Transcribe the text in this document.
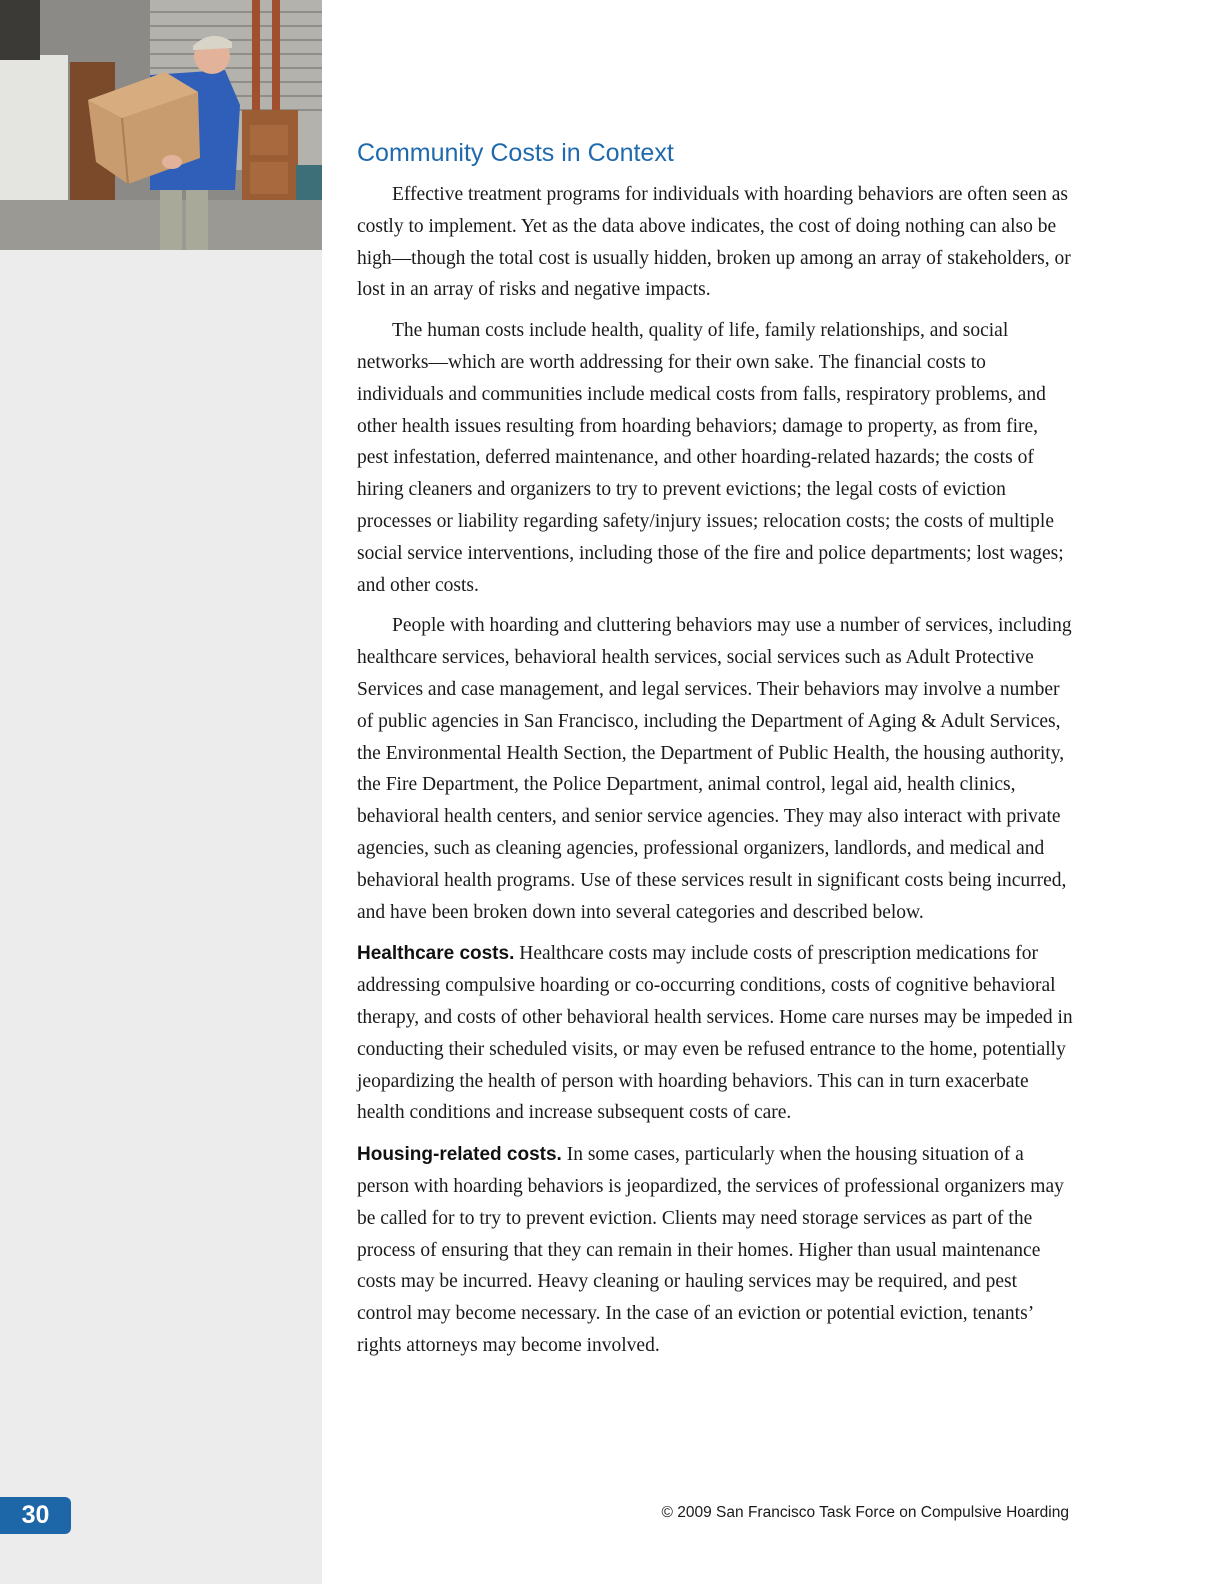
30
Community Costs in Context

Effective treatment programs for individuals with hoarding behaviors are often seen as costly to implement. Yet as the data above indicates, the cost of doing nothing can also be high—though the total cost is usually hidden, broken up among an array of stakeholders, or lost in an array of risks and negative impacts.

The human costs include health, quality of life, family relationships, and social networks—which are worth addressing for their own sake. The financial costs to individuals and communities include medical costs from falls, respiratory problems, and other health issues resulting from hoarding behaviors; damage to property, as from fire, pest infestation, deferred maintenance, and other hoarding-related hazards; the costs of hiring cleaners and organizers to try to prevent evictions; the legal costs of eviction processes or liability regarding safety/injury issues; relocation costs; the costs of multiple social service interventions, including those of the fire and police departments; lost wages; and other costs.

People with hoarding and cluttering behaviors may use a number of services, including healthcare services, behavioral health services, social services such as Adult Protective Services and case management, and legal services. Their behaviors may involve a number of public agencies in San Francisco, including the Department of Aging & Adult Services, the Environmental Health Section, the Department of Public Health, the housing authority, the Fire Department, the Police Department, animal control, legal aid, health clinics, behavioral health centers, and senior service agencies. They may also interact with private agencies, such as cleaning agencies, professional organizers, landlords, and medical and behavioral health programs. Use of these services result in significant costs being incurred, and have been broken down into several categories and described below.

Healthcare costs. Healthcare costs may include costs of prescription medications for addressing compulsive hoarding or co-occurring conditions, costs of cognitive behavioral therapy, and costs of other behavioral health services. Home care nurses may be impeded in conducting their scheduled visits, or may even be refused entrance to the home, potentially jeopardizing the health of person with hoarding behaviors. This can in turn exacerbate health conditions and increase subsequent costs of care.

Housing-related costs. In some cases, particularly when the housing situation of a person with hoarding behaviors is jeopardized, the services of professional organizers may be called for to try to prevent eviction. Clients may need storage services as part of the process of ensuring that they can remain in their homes. Higher than usual maintenance costs may be incurred. Heavy cleaning or hauling services may be required, and pest control may become necessary. In the case of an eviction or potential eviction, tenants’ rights attorneys may become involved.

© 2009 San Francisco Task Force on Compulsive Hoarding
